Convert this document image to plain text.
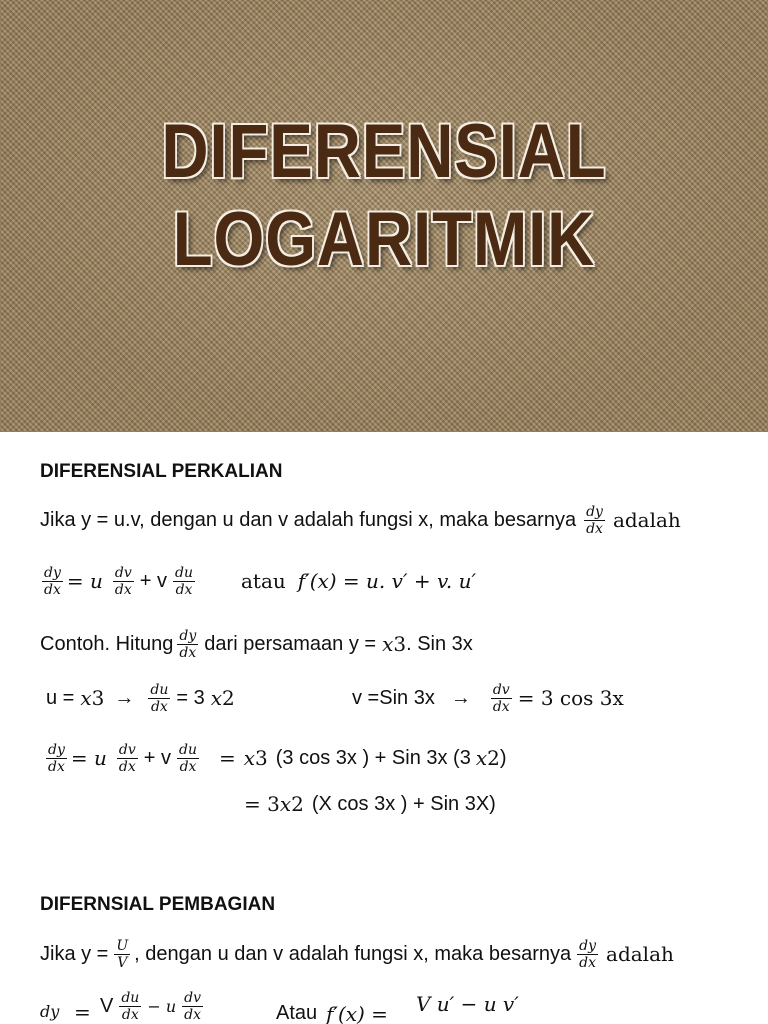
DIFERENSIAL
LOGARITMIK
DIFERENSIAL PERKALIAN
Jika y = u.v, dengan u dan v adalah fungsi x, maka besarnya $\frac{dy}{dx}$ adalah
$\frac{dy}{dx} = u \frac{dv}{dx} + v \frac{du}{dx}$ atau f′(x) = u. v′ + v. u′
Contoh. Hitung $\frac{dy}{dx}$ dari persamaan y = x 3 . Sin 3x
u = x $3 \to \frac{du}{dx} = 3$ x 2	v =Sin $3x \to \frac{dv}{dx} = 3$ cos 3x
$\frac{dy}{dx} = u \frac{dv}{dx} + v \frac{du}{dx} = x$ 3 (3 cos 3x ) + Sin 3x (3 x 2 )
= 3 x 2 (X cos 3x ) + Sin 3X)
DIFERNSIAL PEMBAGIAN
Jika $y = \frac{U}{V}$ , dengan u dan v adalah fungsi x, maka besarnya $\frac{dy}{dx}$ adalah
dy = V $\frac{du}{dx} - u \frac{dv}{dx}$	Atau f′(x) = V u′ − u v′
